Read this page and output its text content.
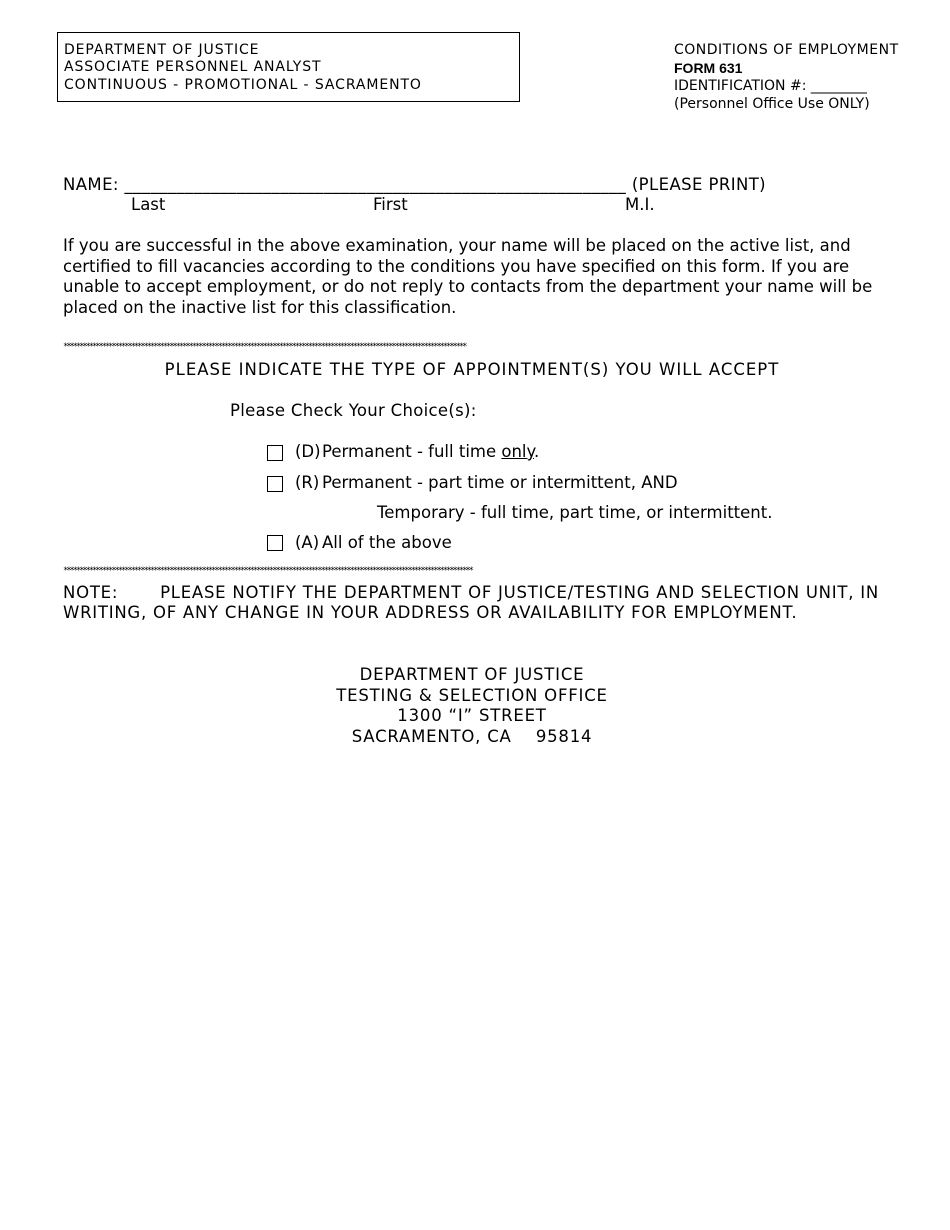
DEPARTMENT OF JUSTICE
ASSOCIATE PERSONNEL ANALYST
CONTINUOUS - PROMOTIONAL - SACRAMENTO
CONDITIONS OF EMPLOYMENT
FORM 631
IDENTIFICATION #: ________
(Personnel Office Use ONLY)
NAME: __________________________________________________________ (PLEASE PRINT)
Last	First	M.I.
If you are successful in the above examination, your name will be placed on the active list, and
certified to fill vacancies according to the conditions you have specified on this form. If you are
unable to accept employment, or do not reply to contacts from the department your name will be
placed on the inactive list for this classification.
*****************************************************************************************************************************
PLEASE INDICATE THE TYPE OF APPOINTMENT(S) YOU WILL ACCEPT
Please Check Your Choice(s):
(D) Permanent - full time only.
(R) Permanent - part time or intermittent, AND
Temporary - full time, part time, or intermittent.
(A) All of the above
*******************************************************************************************************************************
NOTE:       PLEASE NOTIFY THE DEPARTMENT OF JUSTICE/TESTING AND SELECTION UNIT, IN
WRITING, OF ANY CHANGE IN YOUR ADDRESS OR AVAILABILITY FOR EMPLOYMENT.
DEPARTMENT OF JUSTICE
TESTING & SELECTION OFFICE
1300 “I” STREET
SACRAMENTO, CA    95814
